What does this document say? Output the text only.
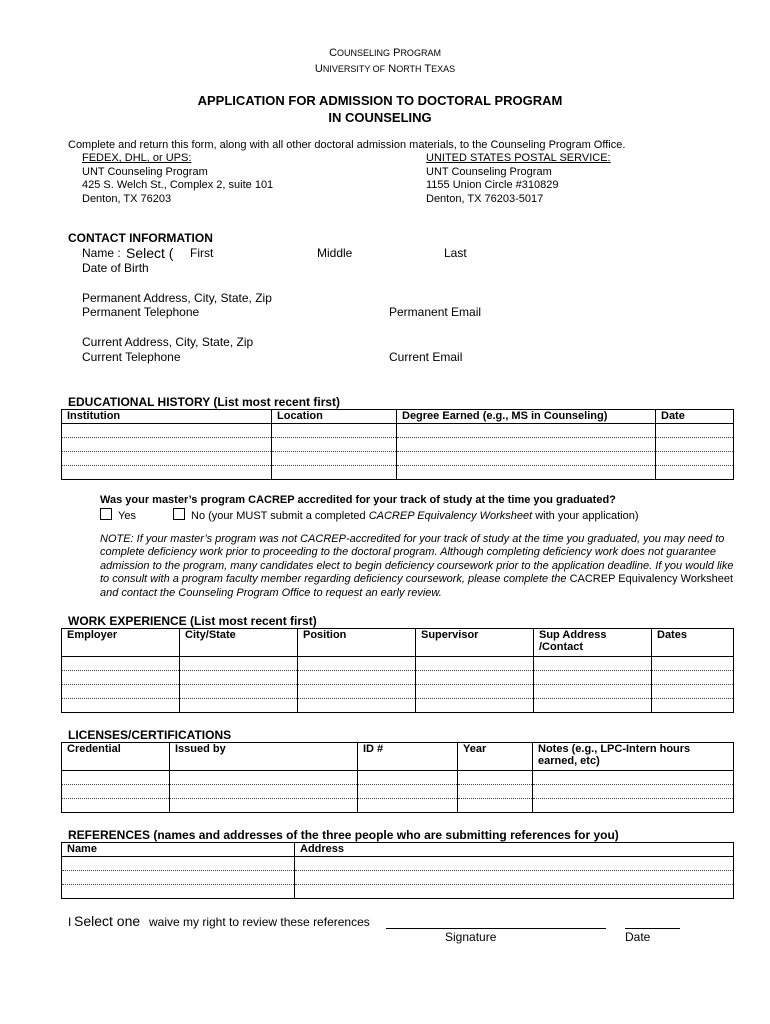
COUNSELING PROGRAM
UNIVERSITY OF NORTH TEXAS
APPLICATION FOR ADMISSION TO DOCTORAL PROGRAM
IN COUNSELING
Complete and return this form, along with all other doctoral admission materials, to the Counseling Program Office.
FEDEX, DHL, or UPS:
UNT Counseling Program
425 S. Welch St., Complex 2, suite 101
Denton, TX 76203
UNITED STATES POSTAL SERVICE:
UNT Counseling Program
1155 Union Circle #310829
Denton, TX 76203-5017
CONTACT INFORMATION
Name : Select ( First	Middle	Last
Date of Birth
Permanent Address, City, State, Zip
Permanent Telephone	Permanent Email
Current Address, City, State, Zip
Current Telephone	Current Email
EDUCATIONAL HISTORY (List most recent first)
Institution	Location	Degree Earned (e.g., MS in Counseling)	Date

Was your master’s program CACREP accredited for your track of study at the time you graduated?
Yes	No (your MUST submit a completed CACREP Equivalency Worksheet with your application)
NOTE: If your master’s program was not CACREP-accredited for your track of study at the time you graduated, you may need to complete deficiency work prior to proceeding to the doctoral program. Although completing deficiency work does not guarantee admission to the program, many candidates elect to begin deficiency coursework prior to the application deadline. If you would like to consult with a program faculty member regarding deficiency coursework, please complete the CACREP Equivalency Worksheet and contact the Counseling Program Office to request an early review.
WORK EXPERIENCE (List most recent first)
Employer	City/State	Position	Supervisor	Sup Address /Contact	Dates

LICENSES/CERTIFICATIONS
Credential	Issued by	ID #	Year	Notes (e.g., LPC-Intern hours earned, etc)

REFERENCES (names and addresses of the three people who are submitting references for you)
Name	Address

I Select one waive my right to review these references
Signature	Date
